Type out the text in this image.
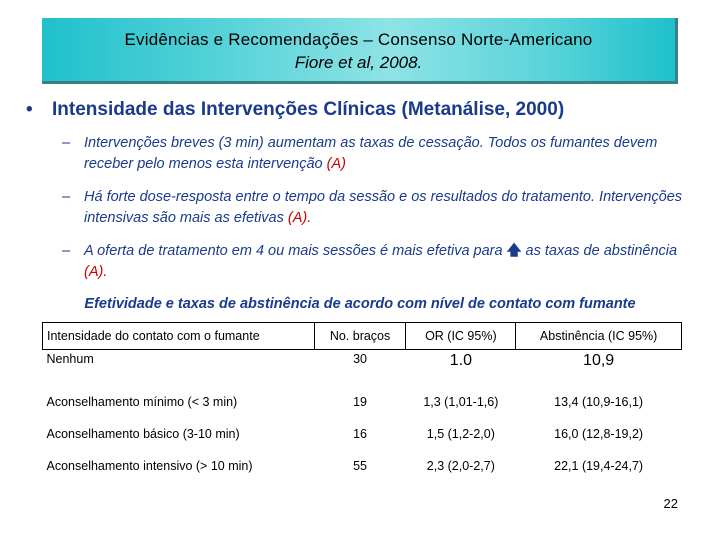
Evidências e Recomendações – Consenso Norte-Americano
Fiore et al, 2008.
• Intensidade das Intervenções Clínicas (Metanálise, 2000)
– Intervenções breves (3 min) aumentam as taxas de cessação. Todos os fumantes devem receber pelo menos esta intervenção (A)
– Há forte dose-resposta entre o tempo da sessão e os resultados do tratamento. Intervenções intensivas são mais as efetivas (A).
– A oferta de tratamento em 4 ou mais sessões é mais efetiva para 🡅 as taxas de abstinência (A).
Efetividade e taxas de abstinência de acordo com nível de contato com fumante
Intensidade do contato com o fumante	No. braços	OR (IC 95%)	Abstinência (IC 95%)
Nenhum	30	1.0	10,9
Aconselhamento mínimo (< 3 min)	19	1,3 (1,01-1,6)	13,4 (10,9-16,1)
Aconselhamento básico (3-10 min)	16	1,5 (1,2-2,0)	16,0 (12,8-19,2)
Aconselhamento intensivo (> 10 min)	55	2,3 (2,0-2,7)	22,1 (19,4-24,7)
22
